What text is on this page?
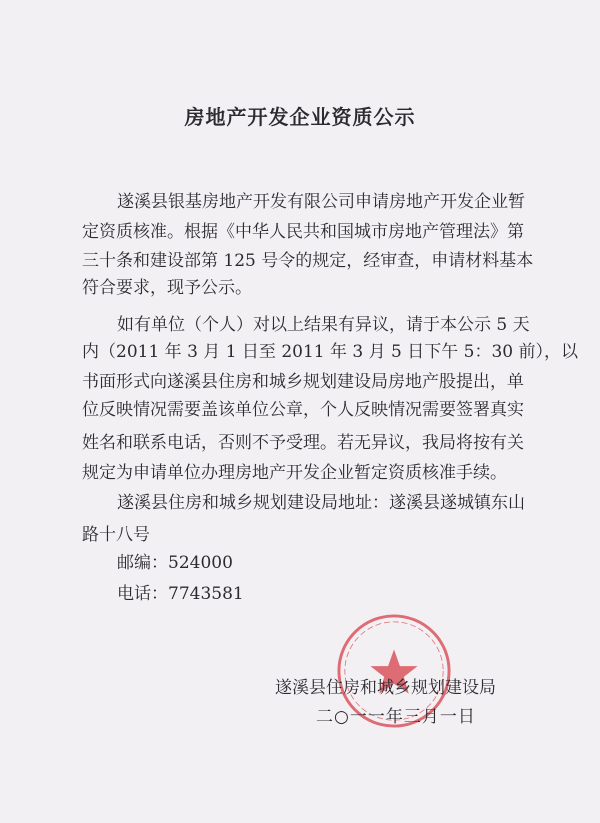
房地产开发企业资质公示
遂溪县银基房地产开发有限公司申请房地产开发企业暂
定资质核准。根据《中华人民共和国城市房地产管理法》第
三十条和建设部第 125 号令的规定，经审查，申请材料基本
符合要求，现予公示。
如有单位（个人）对以上结果有异议，请于本公示 5 天
内（2011 年 3 月 1 日至 2011 年 3 月 5 日下午 5：30 前），以
书面形式向遂溪县住房和城乡规划建设局房地产股提出，单
位反映情况需要盖该单位公章，个人反映情况需要签署真实
姓名和联系电话，否则不予受理。若无异议，我局将按有关
规定为申请单位办理房地产开发企业暂定资质核准手续。
遂溪县住房和城乡规划建设局地址：遂溪县遂城镇东山
路十八号
邮编：524000
电话：7743581
遂溪县住房和城乡规划建设局
二○一一年三月一日
